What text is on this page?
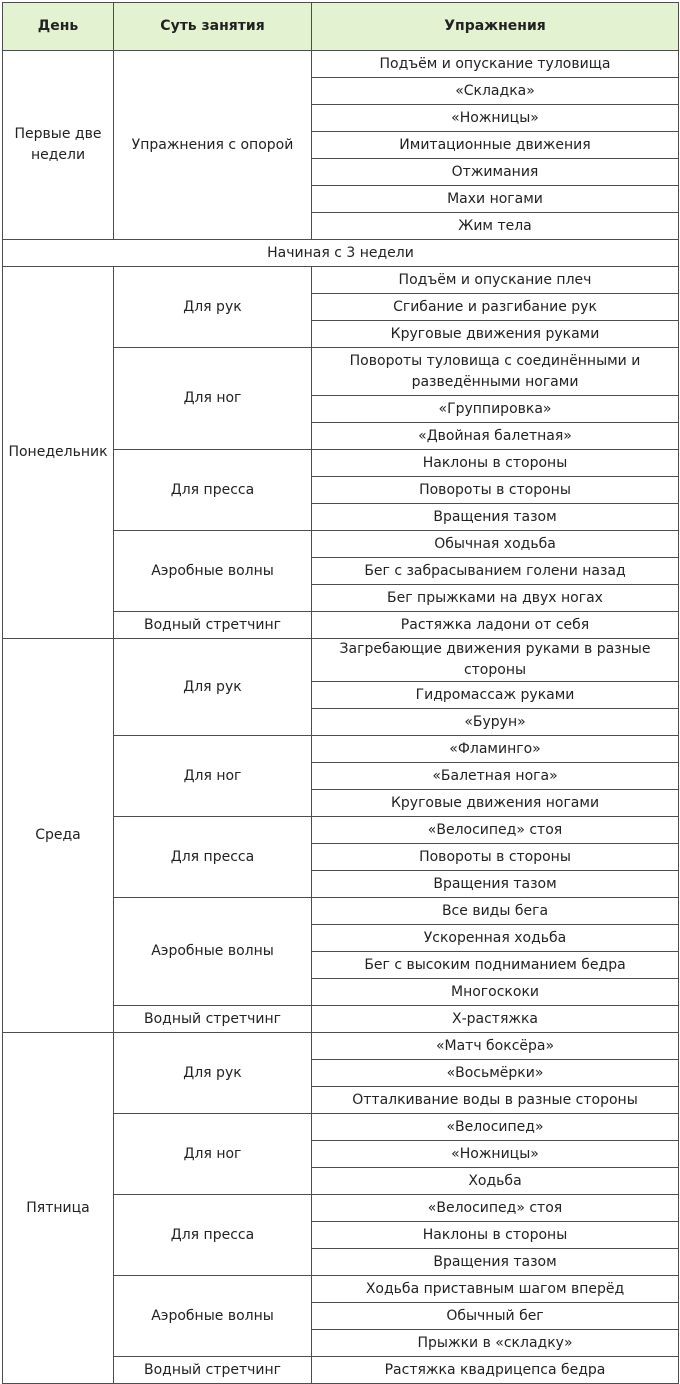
День	Суть занятия	Упражнения
Первые две недели	Упражнения с опорой	Подъём и опускание туловища
		«Складка»
		«Ножницы»
		Имитационные движения
		Отжимания
		Махи ногами
		Жим тела
Начиная с 3 недели		
Понедельник	Для рук	Подъём и опускание плеч
		Сгибание и разгибание рук
		Круговые движения руками
	Для ног	Повороты туловища с соединёнными и разведёнными ногами
		«Группировка»
		«Двойная балетная»
	Для пресса	Наклоны в стороны
		Повороты в стороны
		Вращения тазом
	Аэробные волны	Обычная ходьба
		Бег с забрасыванием голени назад
		Бег прыжками на двух ногах
	Водный стретчинг	Растяжка ладони от себя
Среда	Для рук	Загребающие движения руками в разные стороны
		Гидромассаж руками
		«Бурун»
	Для ног	«Фламинго»
		«Балетная нога»
		Круговые движения ногами
	Для пресса	«Велосипед» стоя
		Повороты в стороны
		Вращения тазом
	Аэробные волны	Все виды бега
		Ускоренная ходьба
		Бег с высоким подниманием бедра
		Многоскоки
	Водный стретчинг	Х-растяжка
Пятница	Для рук	«Матч боксёра»
		«Восьмёрки»
		Отталкивание воды в разные стороны
	Для ног	«Велосипед»
		«Ножницы»
		Ходьба
	Для пресса	«Велосипед» стоя
		Наклоны в стороны
		Вращения тазом
	Аэробные волны	Ходьба приставным шагом вперёд
		Обычный бег
		Прыжки в «складку»
	Водный стретчинг	Растяжка квадрицепса бедра
